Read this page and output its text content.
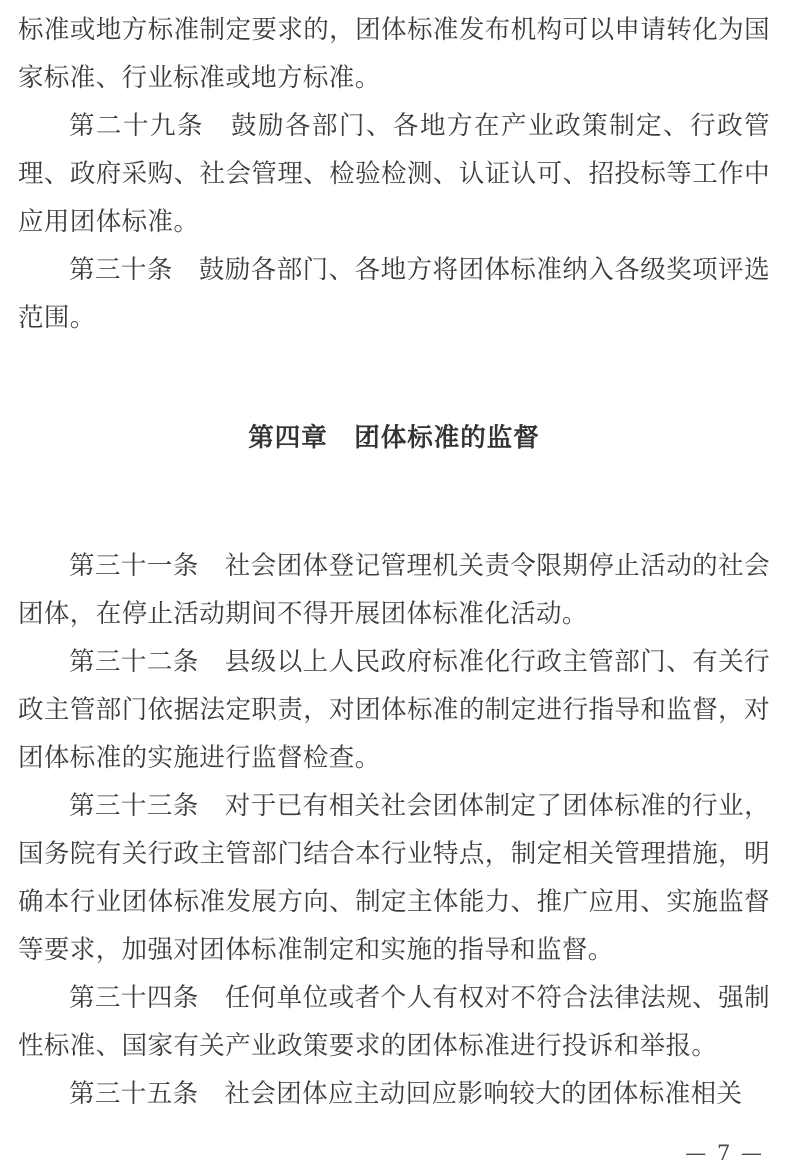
标准或地方标准制定要求的，团体标准发布机构可以申请转化为国家标准、行业标准或地方标准。

第二十九条　鼓励各部门、各地方在产业政策制定、行政管理、政府采购、社会管理、检验检测、认证认可、招投标等工作中应用团体标准。

第三十条　鼓励各部门、各地方将团体标准纳入各级奖项评选范围。

第四章　团体标准的监督

第三十一条　社会团体登记管理机关责令限期停止活动的社会团体，在停止活动期间不得开展团体标准化活动。

第三十二条　县级以上人民政府标准化行政主管部门、有关行政主管部门依据法定职责，对团体标准的制定进行指导和监督，对团体标准的实施进行监督检查。

第三十三条　对于已有相关社会团体制定了团体标准的行业，国务院有关行政主管部门结合本行业特点，制定相关管理措施，明确本行业团体标准发展方向、制定主体能力、推广应用、实施监督等要求，加强对团体标准制定和实施的指导和监督。

第三十四条　任何单位或者个人有权对不符合法律法规、强制性标准、国家有关产业政策要求的团体标准进行投诉和举报。

第三十五条　社会团体应主动回应影响较大的团体标准相关

— 7 —
